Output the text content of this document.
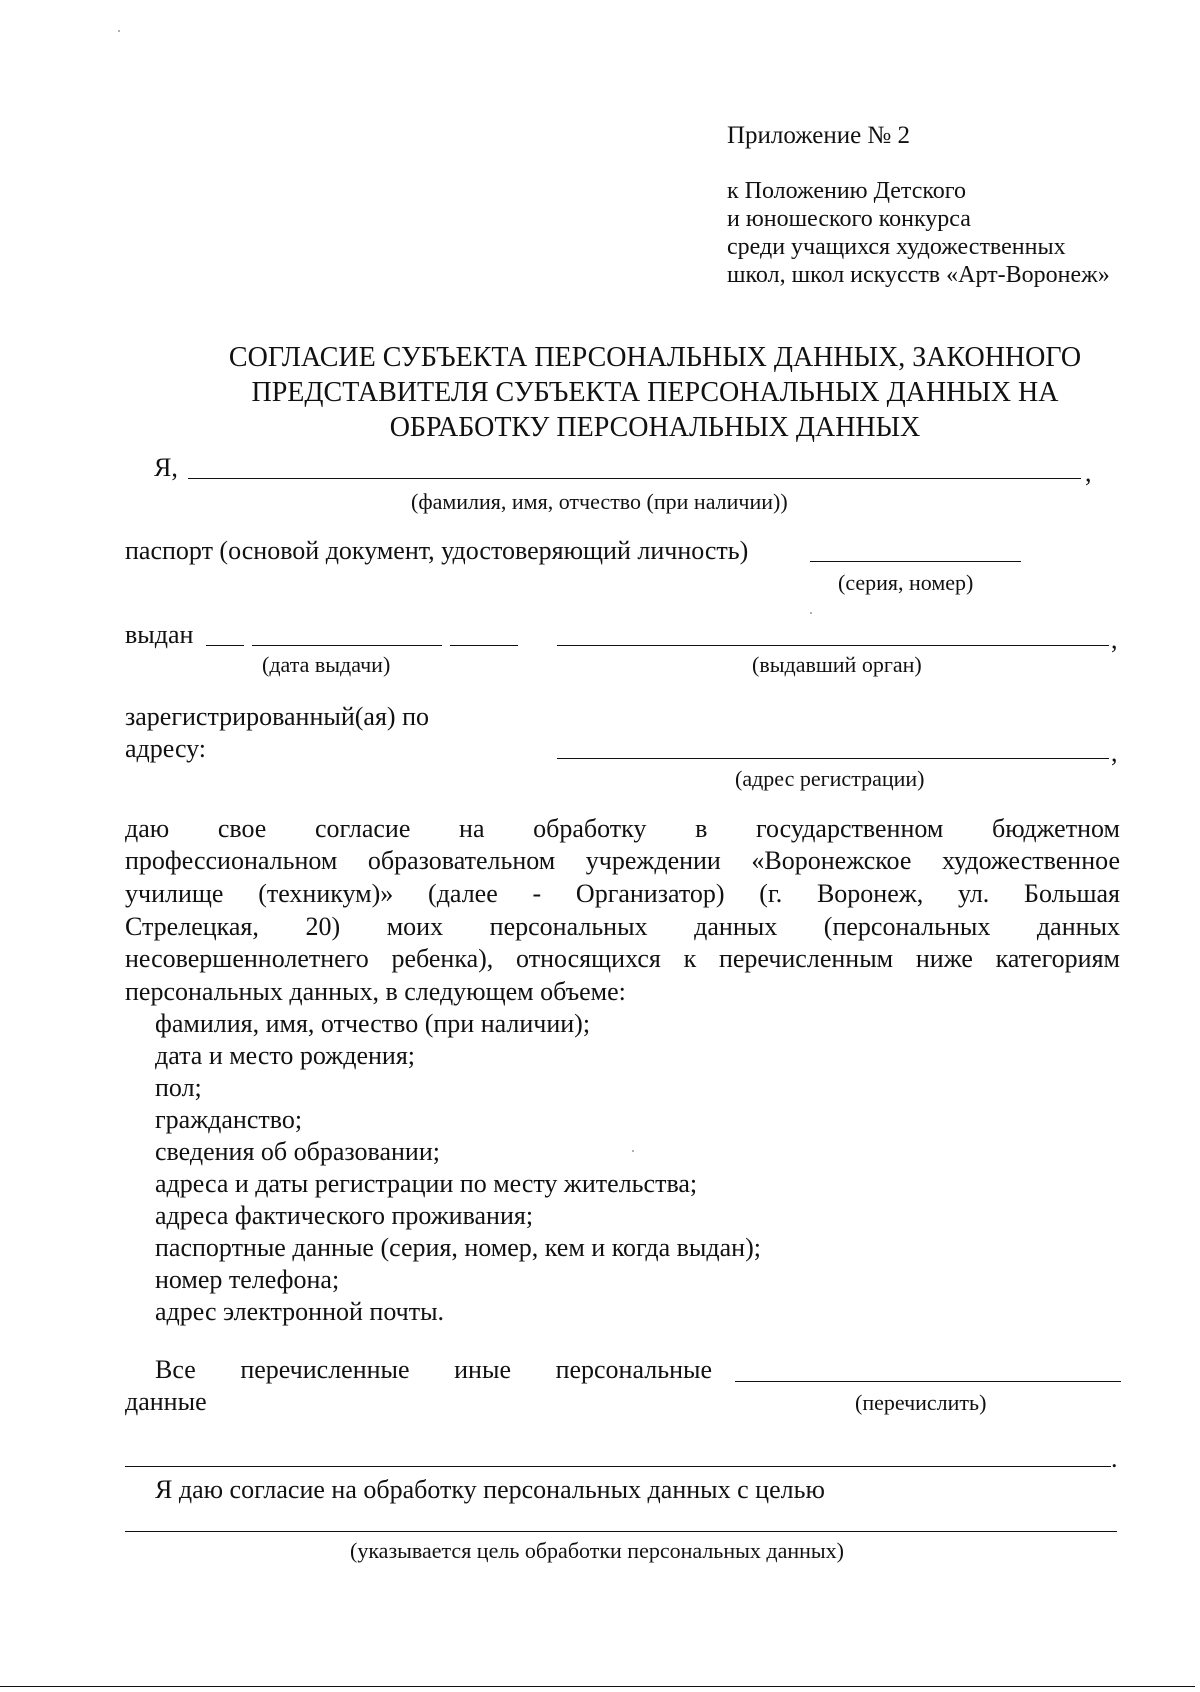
Приложение № 2
к Положению Детского
и юношеского конкурса
среди учащихся художественных
школ, школ искусств «Арт-Воронеж»
СОГЛАСИЕ СУБЪЕКТА ПЕРСОНАЛЬНЫХ ДАННЫХ, ЗАКОННОГО
ПРЕДСТАВИТЕЛЯ СУБЪЕКТА ПЕРСОНАЛЬНЫХ ДАННЫХ НА
ОБРАБОТКУ ПЕРСОНАЛЬНЫХ ДАННЫХ
Я,	,
(фамилия, имя, отчество (при наличии))
паспорт (основой документ, удостоверяющий личность)
(серия, номер)
выдан	,
(дата выдачи)	(выдавший орган)
зарегистрированный(ая) по
адресу:	,
(адрес регистрации)
даю свое согласие на обработку в государственном бюджетном
профессиональном образовательном учреждении «Воронежское художественное
училище (техникум)» (далее - Организатор) (г. Воронеж, ул. Большая
Стрелецкая, 20) моих персональных данных (персональных данных
несовершеннолетнего ребенка), относящихся к перечисленным ниже категориям
персональных данных, в следующем объеме:
фамилия, имя, отчество (при наличии);
дата и место рождения;
пол;
гражданство;
сведения об образовании;
адреса и даты регистрации по месту жительства;
адреса фактического проживания;
паспортные данные (серия, номер, кем и когда выдан);
номер телефона;
адрес электронной почты.
Все перечисленные иные персональные
данные	(перечислить)
.
Я даю согласие на обработку персональных данных с целью
(указывается цель обработки персональных данных)
